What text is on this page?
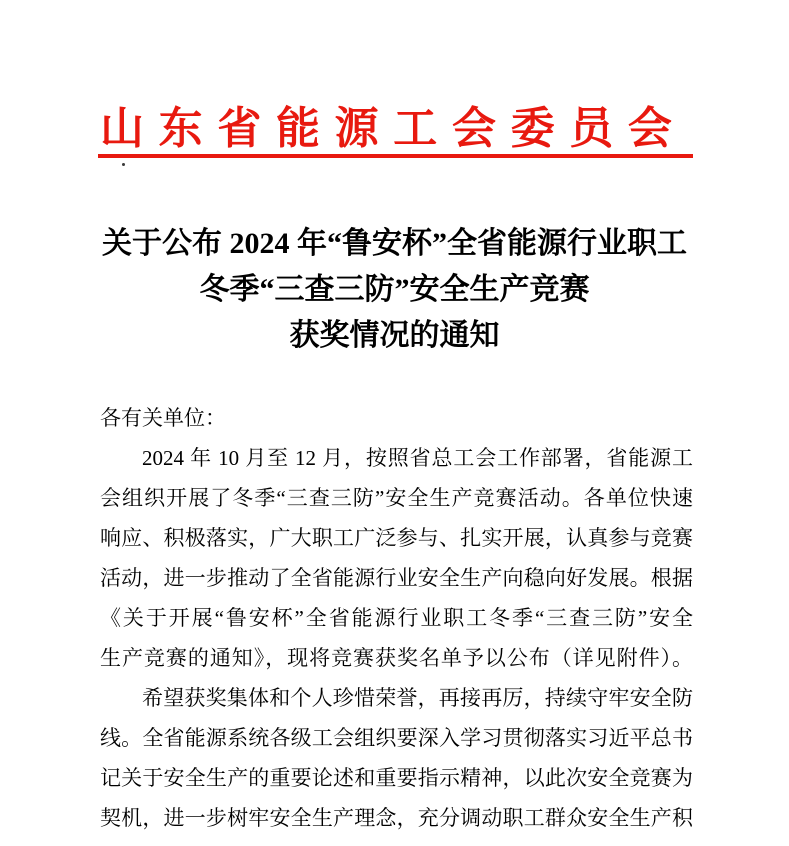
山 东 省 能 源 工 会 委 员 会
关于公布 2024 年“鲁安杯”全省能源行业职工
冬季“三查三防”安全生产竞赛
获奖情况的通知
各有关单位：
2024 年 10 月至 12 月，按照省总工会工作部署，省能源工
会组织开展了冬季“三查三防”安全生产竞赛活动。各单位快速
响应、积极落实，广大职工广泛参与、扎实开展，认真参与竞赛
活动，进一步推动了全省能源行业安全生产向稳向好发展。根据
《关于开展“鲁安杯”全省能源行业职工冬季“三查三防”安全
生产竞赛的通知》，现将竞赛获奖名单予以公布（详见附件）。
希望获奖集体和个人珍惜荣誉，再接再厉，持续守牢安全防
线。全省能源系统各级工会组织要深入学习贯彻落实习近平总书
记关于安全生产的重要论述和重要指示精神，以此次安全竞赛为
契机，进一步树牢安全生产理念，充分调动职工群众安全生产积
